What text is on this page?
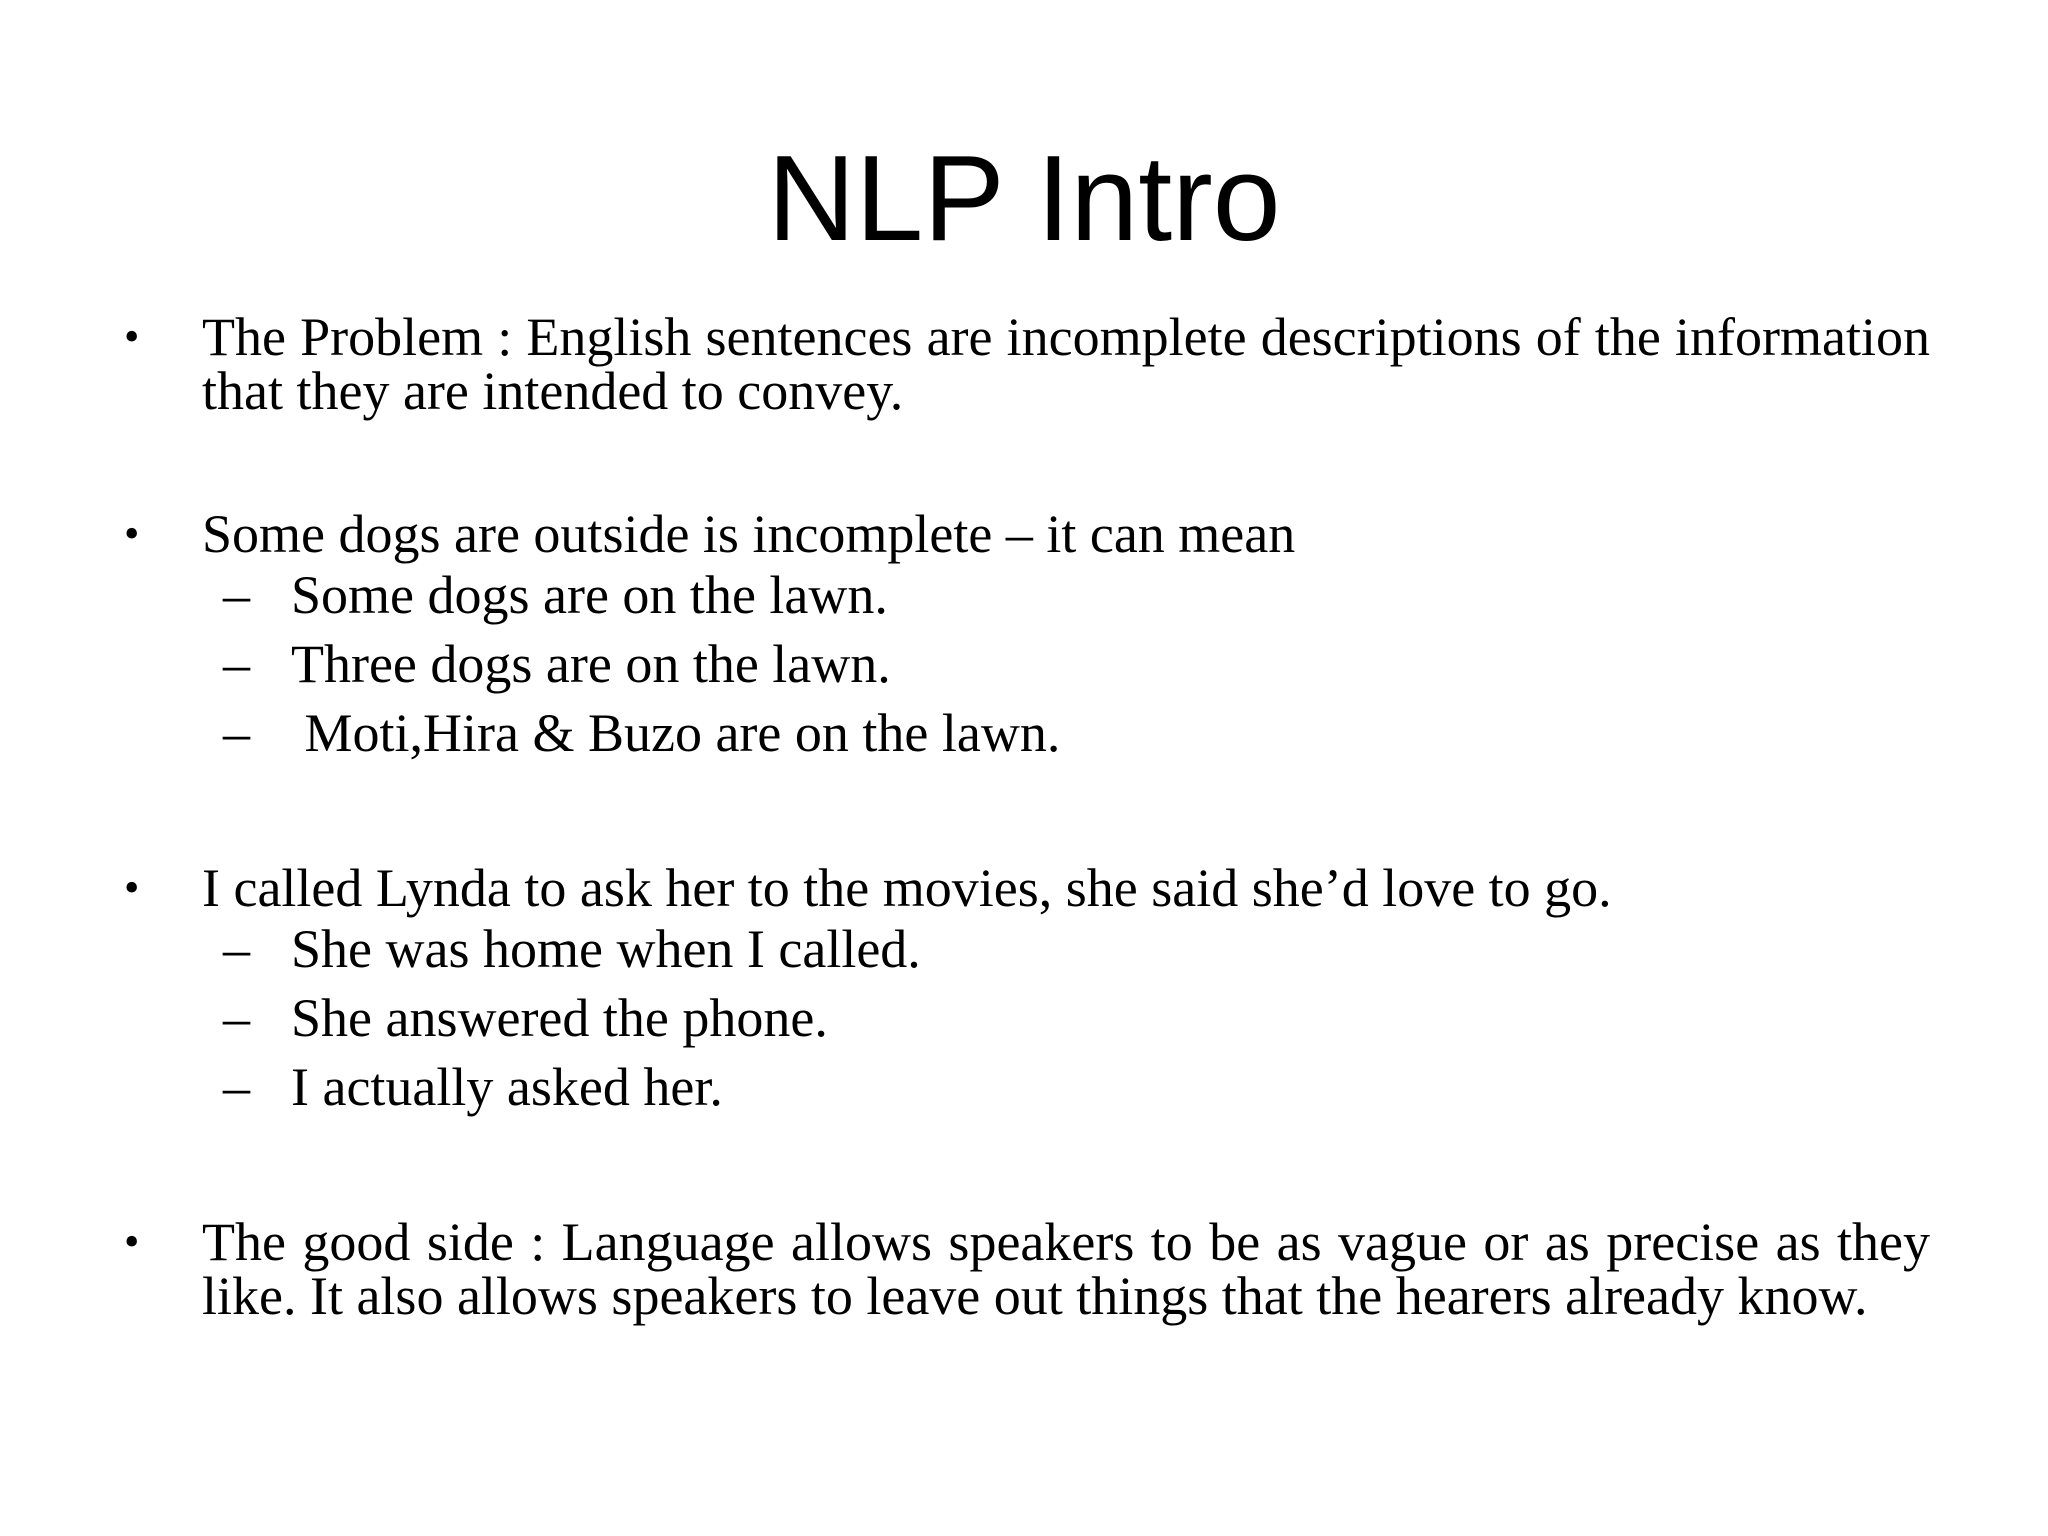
NLP Intro
• The Problem : English sentences are incomplete descriptions of the information that they are intended to convey.
• Some dogs are outside is incomplete – it can mean
– Some dogs are on the lawn.
– Three dogs are on the lawn.
– Moti,Hira & Buzo are on the lawn.
• I called Lynda to ask her to the movies, she said she’d love to go.
– She was home when I called.
– She answered the phone.
– I actually asked her.
• The good side : Language allows speakers to be as vague or as precise as they like. It also allows speakers to leave out things that the hearers already know.
